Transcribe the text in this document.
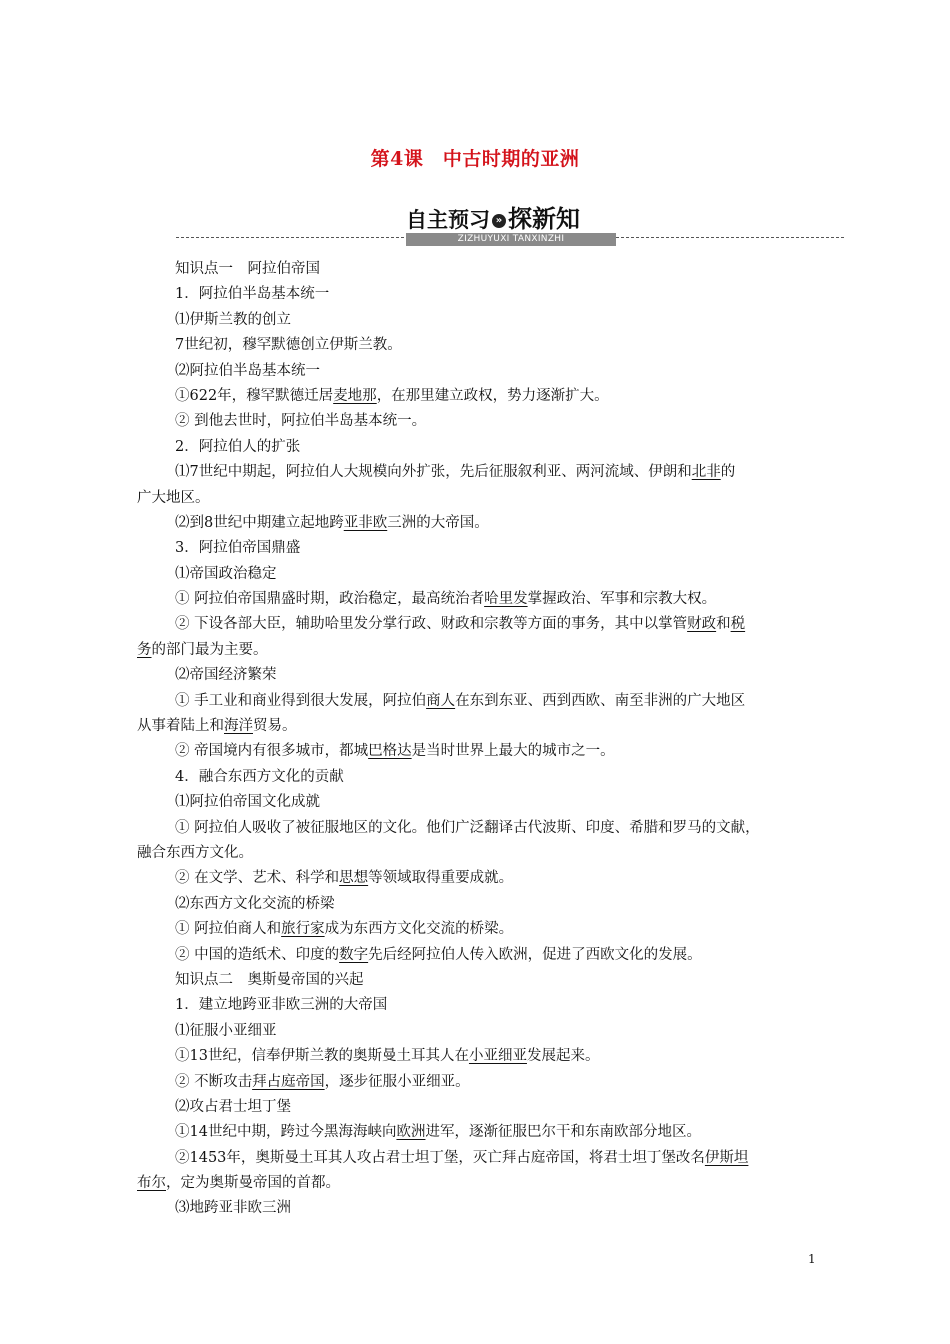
第4课　中古时期的亚洲
自主预习 » 探新知
ZIZHUYUXI TANXINZHI
知识点一　阿拉伯帝国
1．阿拉伯半岛基本统一
⑴伊斯兰教的创立
7世纪初，穆罕默德创立伊斯兰教。
⑵阿拉伯半岛基本统一
①622年，穆罕默德迁居麦地那，在那里建立政权，势力逐渐扩大。
② 到他去世时，阿拉伯半岛基本统一。
2．阿拉伯人的扩张
⑴7世纪中期起，阿拉伯人大规模向外扩张，先后征服叙利亚、两河流域、伊朗和北非的
广大地区。
⑵到8世纪中期建立起地跨亚非欧三洲的大帝国。
3．阿拉伯帝国鼎盛
⑴帝国政治稳定
① 阿拉伯帝国鼎盛时期，政治稳定，最高统治者哈里发掌握政治、军事和宗教大权。
② 下设各部大臣，辅助哈里发分掌行政、财政和宗教等方面的事务，其中以掌管财政和税
务的部门最为主要。
⑵帝国经济繁荣
① 手工业和商业得到很大发展，阿拉伯商人在东到东亚、西到西欧、南至非洲的广大地区
从事着陆上和海洋贸易。
② 帝国境内有很多城市，都城巴格达是当时世界上最大的城市之一。
4．融合东西方文化的贡献
⑴阿拉伯帝国文化成就
① 阿拉伯人吸收了被征服地区的文化。他们广泛翻译古代波斯、印度、希腊和罗马的文献，
融合东西方文化。
② 在文学、艺术、科学和思想等领域取得重要成就。
⑵东西方文化交流的桥梁
① 阿拉伯商人和旅行家成为东西方文化交流的桥梁。
② 中国的造纸术、印度的数字先后经阿拉伯人传入欧洲，促进了西欧文化的发展。
知识点二　奥斯曼帝国的兴起
1．建立地跨亚非欧三洲的大帝国
⑴征服小亚细亚
①13世纪，信奉伊斯兰教的奥斯曼土耳其人在小亚细亚发展起来。
② 不断攻击拜占庭帝国，逐步征服小亚细亚。
⑵攻占君士坦丁堡
①14世纪中期，跨过今黑海海峡向欧洲进军，逐渐征服巴尔干和东南欧部分地区。
②1453年，奥斯曼土耳其人攻占君士坦丁堡，灭亡拜占庭帝国，将君士坦丁堡改名伊斯坦
布尔，定为奥斯曼帝国的首都。
⑶地跨亚非欧三洲
1
